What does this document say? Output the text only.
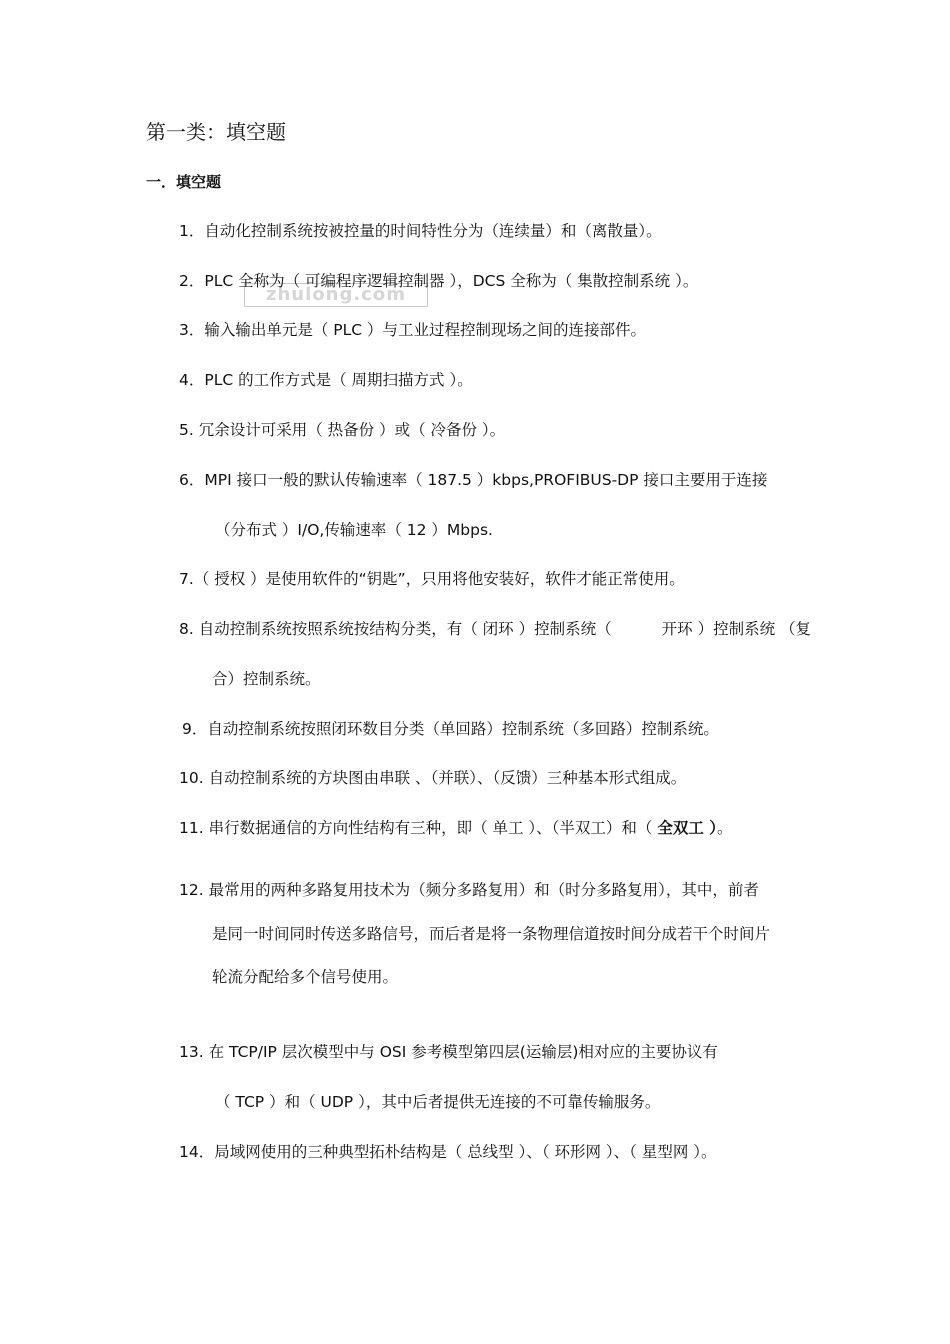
第一类：填空题
一．填空题
zhulong.com
1．自动化控制系统按被控量的时间特性分为（连续量）和（离散量）。
2．PLC 全称为（ 可编程序逻辑控制器 ），DCS 全称为（ 集散控制系统 ）。
3．输入输出单元是（ PLC ）与工业过程控制现场之间的连接部件。
4．PLC 的工作方式是（ 周期扫描方式 ）。
5. 冗余设计可采用（ 热备份 ）或（ 冷备份 ）。
6．MPI 接口一般的默认传输速率（ 187.5 ）kbps,PROFIBUS-DP 接口主要用于连接
（分布式 ）I/O,传输速率（ 12 ）Mbps.
7.（ 授权 ）是使用软件的“钥匙”，只用将他安装好，软件才能正常使用。
8. 自动控制系统按照系统按结构分类，有（ 闭环 ）控制系统（	开环 ）控制系统 （复
合）控制系统。
9．自动控制系统按照闭环数目分类（单回路）控制系统（多回路）控制系统。
10. 自动控制系统的方块图由串联 、（并联）、（反馈）三种基本形式组成。
11. 串行数据通信的方向性结构有三种，即（ 单工 ）、（半双工）和（ 全双工 ）。
12. 最常用的两种多路复用技术为（频分多路复用）和（时分多路复用），其中，前者
是同一时间同时传送多路信号，而后者是将一条物理信道按时间分成若干个时间片
轮流分配给多个信号使用。
13. 在 TCP/IP 层次模型中与 OSI 参考模型第四层(运输层)相对应的主要协议有
（ TCP ）和（ UDP ），其中后者提供无连接的不可靠传输服务。
14．局域网使用的三种典型拓朴结构是（ 总线型 ）、（ 环形网 ）、（ 星型网 ）。
